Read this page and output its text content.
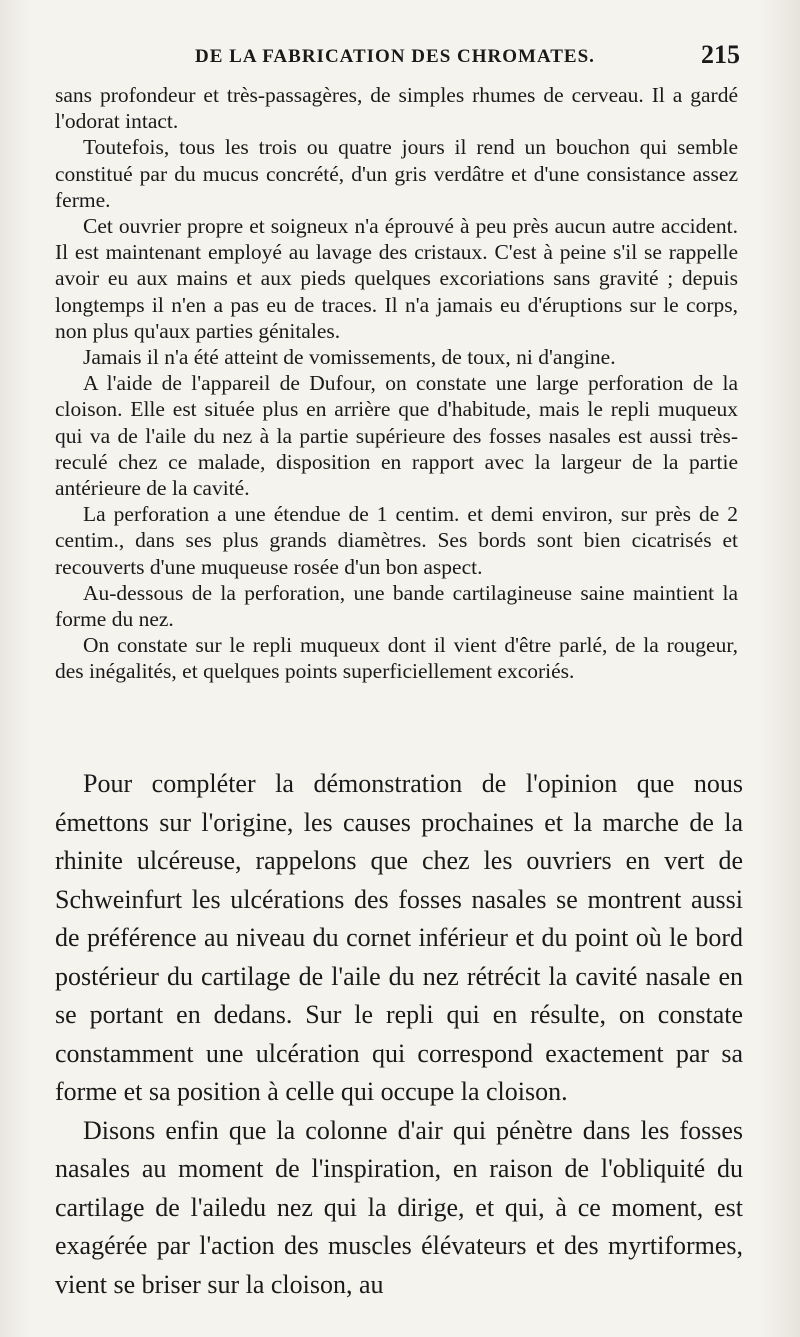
DE LA FABRICATION DES CHROMATES.	215

sans profondeur et très-passagères, de simples rhumes de cerveau. Il a gardé l'odorat intact.

Toutefois, tous les trois ou quatre jours il rend un bouchon qui semble constitué par du mucus concrété, d'un gris verdâtre et d'une consistance assez ferme.

Cet ouvrier propre et soigneux n'a éprouvé à peu près aucun autre accident. Il est maintenant employé au lavage des cristaux. C'est à peine s'il se rappelle avoir eu aux mains et aux pieds quelques excoriations sans gravité ; depuis longtemps il n'en a pas eu de traces. Il n'a jamais eu d'éruptions sur le corps, non plus qu'aux parties génitales.

Jamais il n'a été atteint de vomissements, de toux, ni d'angine.

A l'aide de l'appareil de Dufour, on constate une large perforation de la cloison. Elle est située plus en arrière que d'habitude, mais le repli muqueux qui va de l'aile du nez à la partie supérieure des fosses nasales est aussi très-reculé chez ce malade, disposition en rapport avec la largeur de la partie antérieure de la cavité.

La perforation a une étendue de 1 centim. et demi environ, sur près de 2 centim., dans ses plus grands diamètres. Ses bords sont bien cicatrisés et recouverts d'une muqueuse rosée d'un bon aspect.

Au-dessous de la perforation, une bande cartilagineuse saine maintient la forme du nez.

On constate sur le repli muqueux dont il vient d'être parlé, de la rougeur, des inégalités, et quelques points superficiellement excoriés.

Pour compléter la démonstration de l'opinion que nous émettons sur l'origine, les causes prochaines et la marche de la rhinite ulcéreuse, rappelons que chez les ouvriers en vert de Schweinfurt les ulcérations des fosses nasales se montrent aussi de préférence au niveau du cornet inférieur et du point où le bord postérieur du cartilage de l'aile du nez rétrécit la cavité nasale en se portant en dedans. Sur le repli qui en résulte, on constate constamment une ulcération qui correspond exactement par sa forme et sa position à celle qui occupe la cloison.

Disons enfin que la colonne d'air qui pénètre dans les fosses nasales au moment de l'inspiration, en raison de l'obliquité du cartilage de l'ailedu nez qui la dirige, et qui, à ce moment, est exagérée par l'action des muscles élévateurs et des myrtiformes, vient se briser sur la cloison, au
